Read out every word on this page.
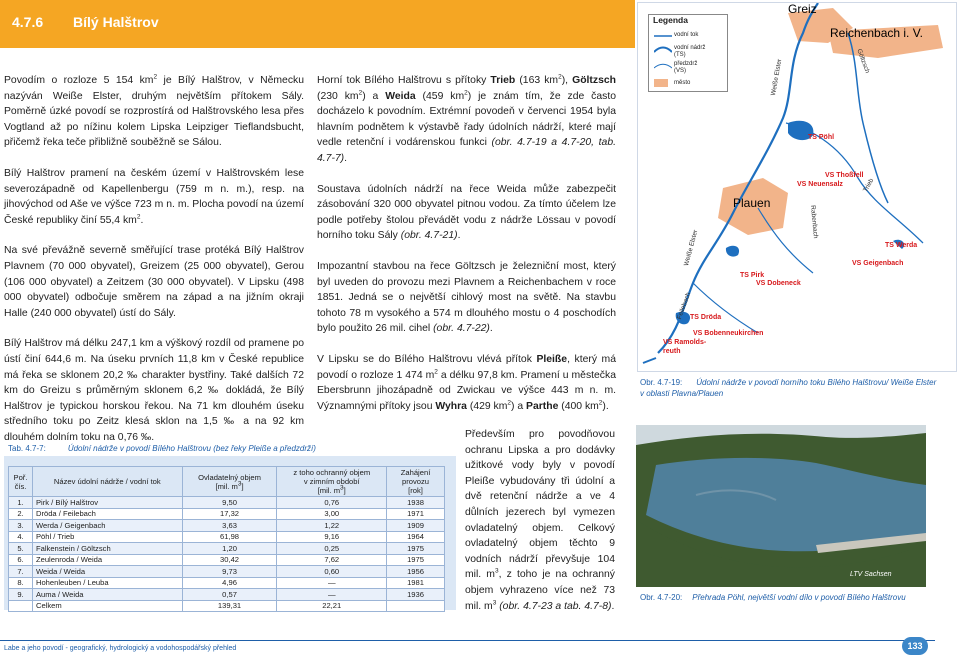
4.7.6 Bílý Halštrov

Povodím o rozloze 5 154 $km^2$ je Bílý Halštrov, v Německu nazýván Weiße Elster, druhým největším přítokem Sály. Poměrně úzké povodí se rozprostírá od Halštrovského lesa přes Vogtland až po nížinu kolem Lipska Leipziger Tieflandsbucht, přičemž řeka teče přibližně souběžně se Sálou.

Bílý Halštrov pramení na českém území v Halštrovském lese severozápadně od Kapellenbergu (759 m n. m.), resp. na jihovýchod od Aše ve výšce 723 m n. m. Plocha povodí na území České republiky činí 55,4 $km^2$.

Na své převážně severně směřující trase protéká Bílý Halštrov Plavnem (70 000 obyvatel), Greizem (25 000 obyvatel), Gerou (106 000 obyvatel) a Zeitzem (30 000 obyvatel). V Lipsku (498 000 obyvatel) odbočuje směrem na západ a na jižním okraji Halle (240 000 obyvatel) ústí do Sály.

Bílý Halštrov má délku 247,1 km a výškový rozdíl od pramene po ústí činí 644,6 m. Na úseku prvních 11,8 km v České republice má řeka se sklonem 20,2 ‰ charakter bystřiny. Také dalších 72 km do Greizu s průměrným sklonem 6,2 ‰ dokládá, že Bílý Halštrov je typickou horskou řekou. Na 71 km dlouhém úseku středního toku po Zeitz klesá sklon na 1,5 ‰ a na 92 km dlouhém dolním toku na 0,76 ‰.

Horní tok Bílého Halštrovu s přítoky Trieb (163 $km^2$), Göltzsch (230 $km^2$) a Weida (459 $km^2$) je znám tím, že zde často docházelo k povodním. Extrémní povodeň v červenci 1954 byla hlavním podnětem k výstavbě řady údolních nádrží, které mají vedle retenční i vodárenskou funkci (obr. 4.7-19 a 4.7-20, tab. 4.7-7).

Soustava údolních nádrží na řece Weida může zabezpečit zásobování 320 000 obyvatel pitnou vodou. Za tímto účelem lze podle potřeby štolou převádět vodu z nádrže Lössau v povodí horního toku Sály (obr. 4.7-21).

Impozantní stavbou na řece Göltzsch je železniční most, který byl uveden do provozu mezi Plavnem a Reichenbachem v roce 1851. Jedná se o největší cihlový most na světě. Na stavbu tohoto 78 m vysokého a 574 m dlouhého mostu o 4 poschodích bylo použito 26 mil. cihel (obr. 4.7-22).

V Lipsku se do Bílého Halštrovu vlévá přítok Pleiße, který má povodí o rozloze 1 474 $m^2$ a délku 97,8 km. Pramení u městečka Ebersbrunn jihozápadně od Zwickau ve výšce 443 m n. m. Významnými přítoky jsou Wyhra (429 $km^2$) a Parthe (400 $km^2$).

Především pro povodňovou ochranu Lipska a pro dodávky užitkové vody byly v povodí Pleiße vybudovány tři údolní a dvě retenční nádrže a ve 4 důlních jezerech byl vymezen ovladatelný objem. Celkový ovladatelný objem těchto 9 vodních nádrží převyšuje 104 mil. $m^3$, z toho je na ochranný objem vyhrazeno více než 73 mil. $m^3$ (obr. 4.7-23 a tab. 4.7-8).

Tab. 4.7-7:	Údolní nádrže v povodí Bílého Halštrovu (bez řeky Pleiße a předzdrží)
Poř.
čís.	Název údolní nádrže / vodní tok	Ovladatelný objem
[mil. m3]	z toho ochranný objem
v zimním období
[mil. m3]	Zahájení
provozu
[rok]
1.	Pirk / Bílý Halštrov	9,50	0,76	1938
2.	Dröda / Feilebach	17,32	3,00	1971
3.	Werda / Geigenbach	3,63	1,22	1909
4.	Pöhl / Trieb	61,98	9,16	1964
5.	Falkenstein / Göltzsch	1,20	0,25	1975
6.	Zeulenroda / Weida	30,42	7,62	1975
7.	Weida / Weida	9,73	0,60	1956
8.	Hohenleuben / Leuba	4,96	—	1981
9.	Auma / Weida	0,57	—	1936
	Celkem	139,31	22,21	
Legenda
vodní tok
vodní nádrž
(TS)
předzdrž
(VS)
město
Greiz
Reichenbach i. V.
Plauen
TS Pöhl
VS Thoßfell
VS Neuensalz
TS Werda
VS Geigenbach
TS Pirk
VS Dobeneck
TS Dröda
VS Bobenneukirchen
VS Ramolds-
reuth
Weiße Elster	Göltzsch
Trieb
Rabenbach
Weiße Elster
Feilebach
Obr. 4.7-19: Údolní nádrže v povodí horního toku Bílého Halštrovu/ Weiße Elster v oblasti Plavna/Plauen
LTV Sachsen
Obr. 4.7-20: Přehrada Pöhl, největší vodní dílo v povodí Bílého Halštrovu
Labe a jeho povodí - geografický, hydrologický a vodohospodářský přehled	133
